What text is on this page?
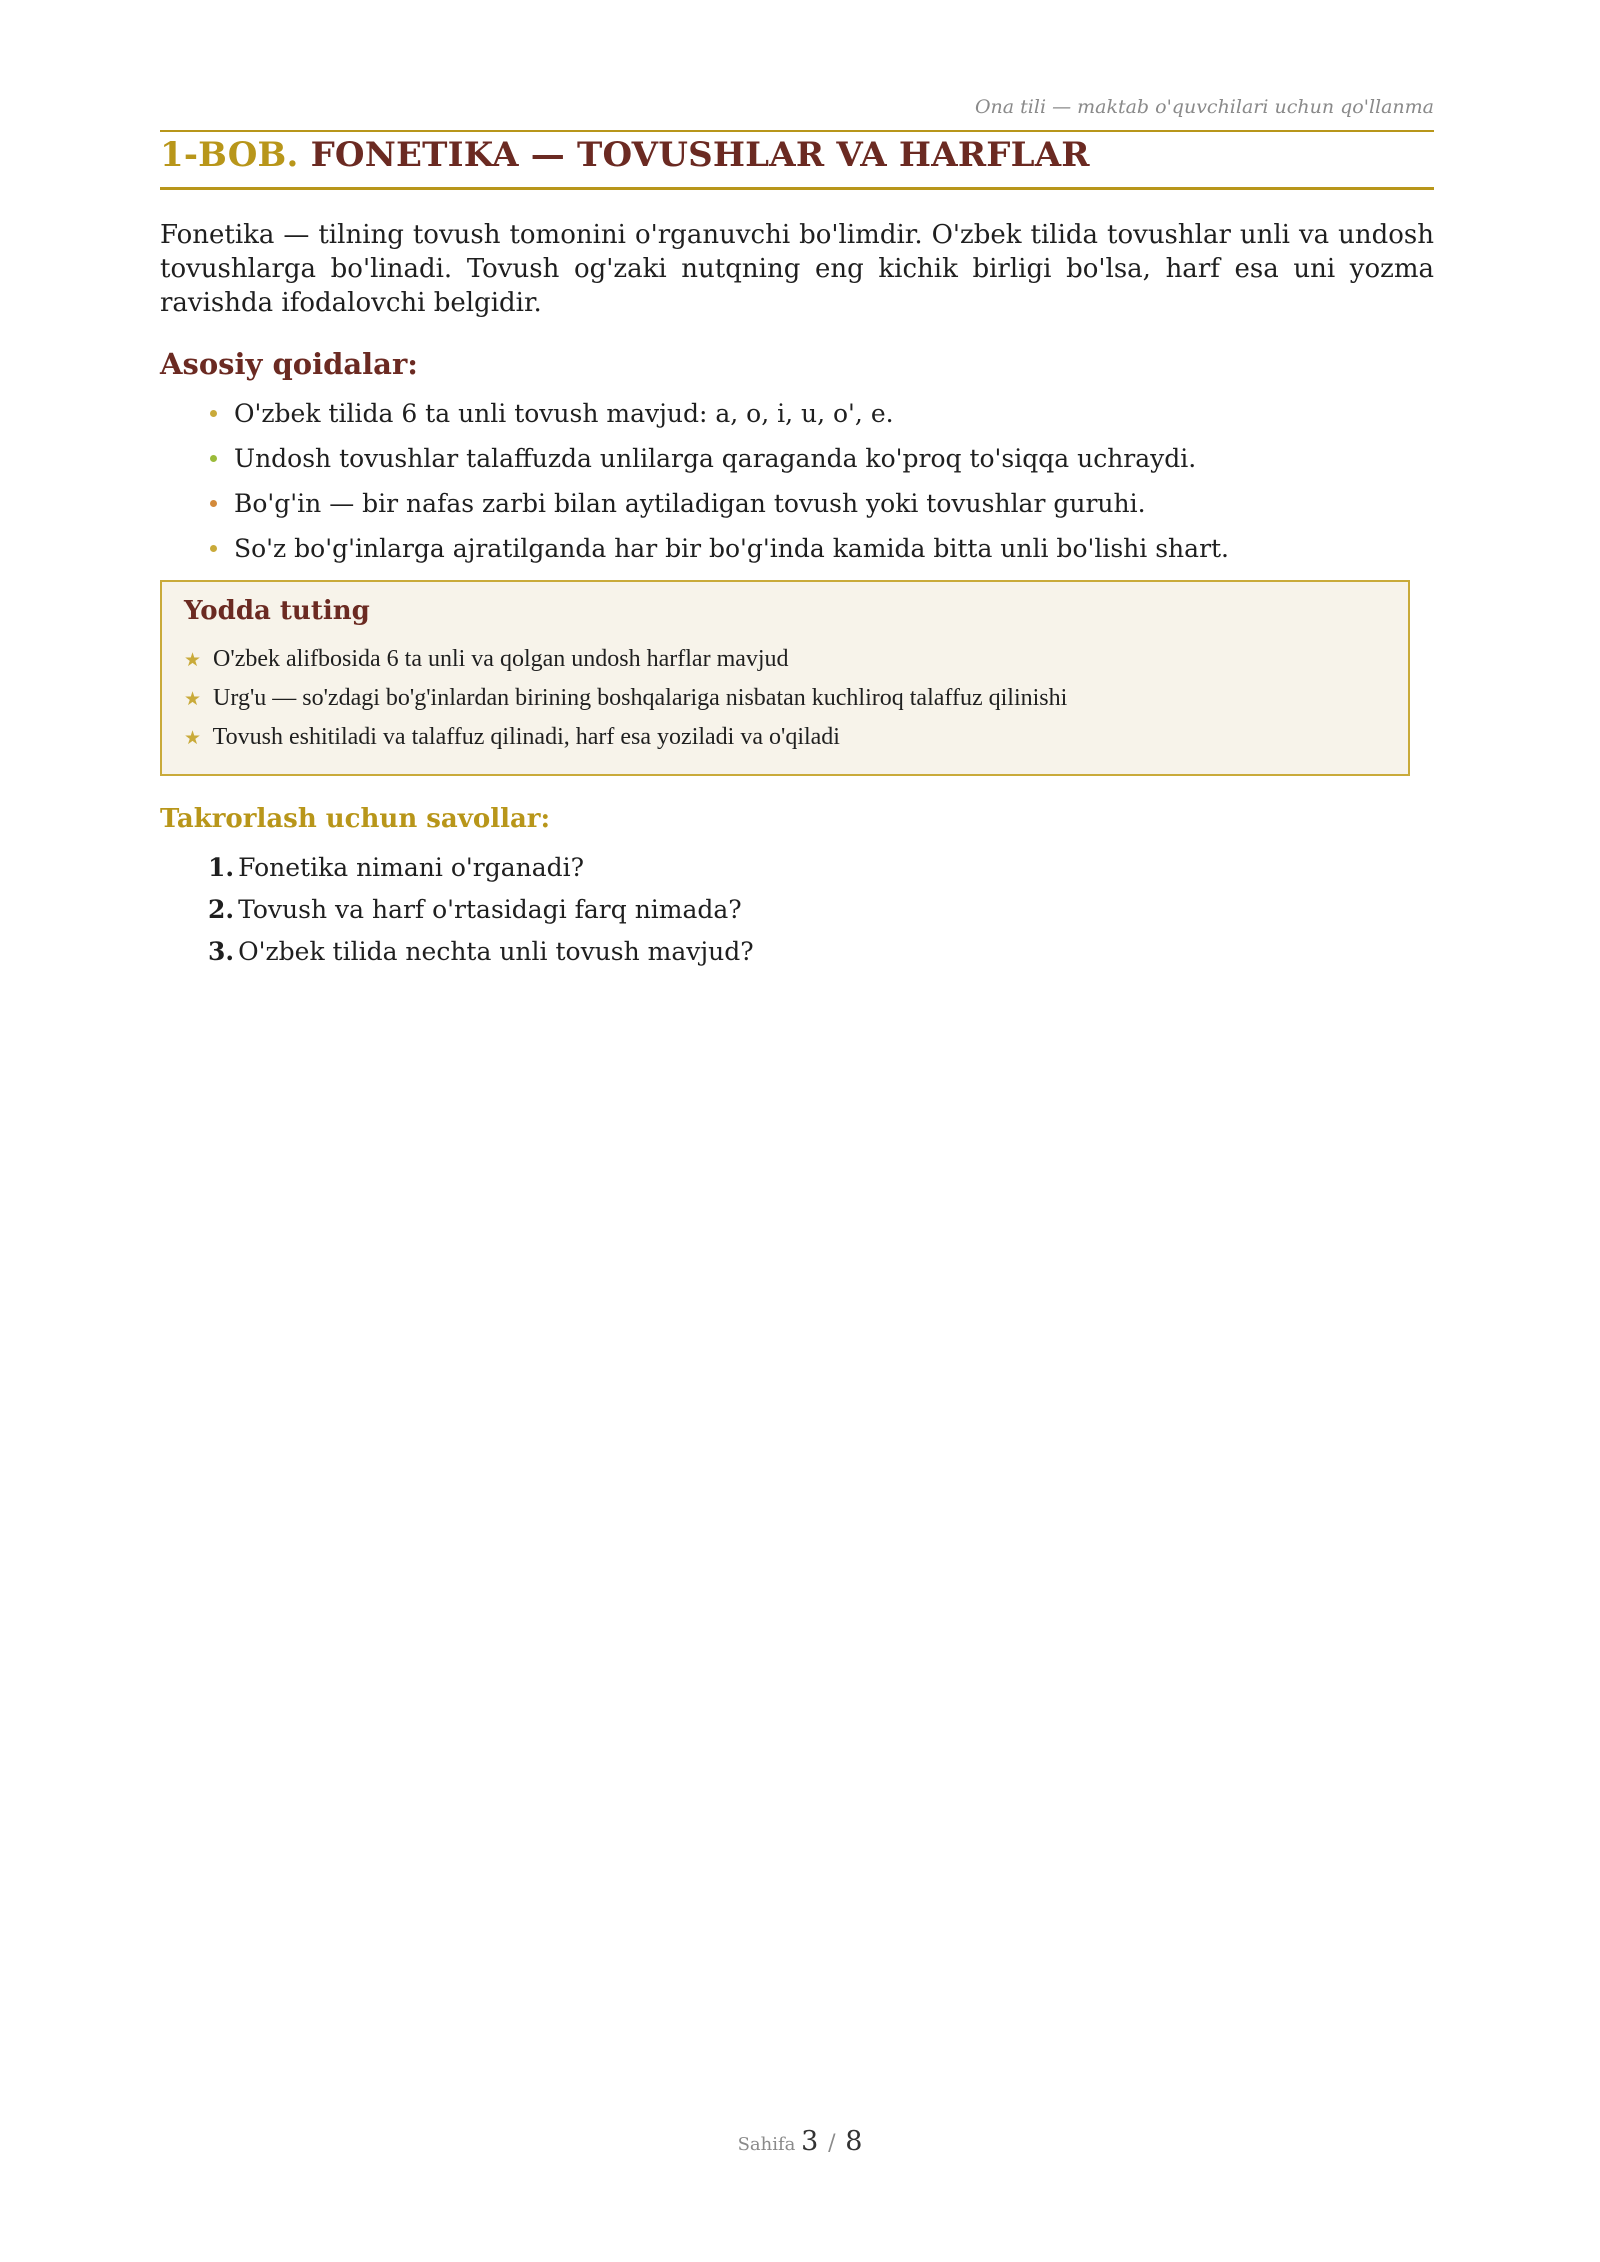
Ona tili — maktab o'quvchilari uchun qo'llanma
1-BOB. FONETIKA — TOVUSHLAR VA HARFLAR

Fonetika — tilning tovush tomonini o'rganuvchi bo'limdir. O'zbek tilida tovushlar unli va undosh tovushlarga bo'linadi. Tovush og'zaki nutqning eng kichik birligi bo'lsa, harf esa uni yozma ravishda ifodalovchi belgidir.

Asosiy qoidalar:
O'zbek tilida 6 ta unli tovush mavjud: a, o, i, u, o', e.
Undosh tovushlar talaffuzda unlilarga qaraganda ko'proq to'siqqa uchraydi.
Bo'g'in — bir nafas zarbi bilan aytiladigan tovush yoki tovushlar guruhi.
So'z bo'g'inlarga ajratilganda har bir bo'g'inda kamida bitta unli bo'lishi shart.
Yodda tuting
★ O'zbek alifbosida 6 ta unli va qolgan undosh harflar mavjud
★ Urg'u — so'zdagi bo'g'inlardan birining boshqalariga nisbatan kuchliroq talaffuz qilinishi
★ Tovush eshitiladi va talaffuz qilinadi, harf esa yoziladi va o'qiladi
Takrorlash uchun savollar:
1. Fonetika nimani o'rganadi?
2. Tovush va harf o'rtasidagi farq nimada?
3. O'zbek tilida nechta unli tovush mavjud?
Sahifa 3 / 8
